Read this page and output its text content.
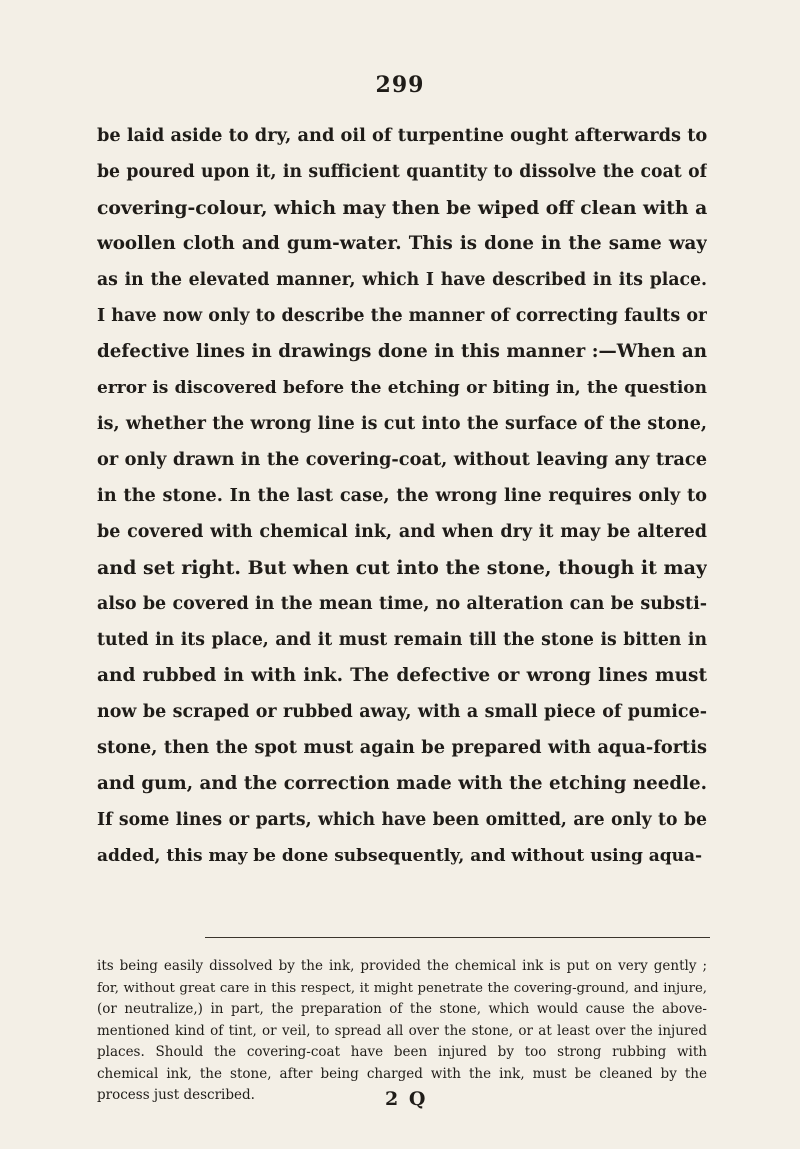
299
be laid aside to dry, and oil of turpentine ought afterwards to
be poured upon it, in sufficient quantity to dissolve the coat of
covering-colour, which may then be wiped off clean with a
woollen cloth and gum-water. This is done in the same way
as in the elevated manner, which I have described in its place.
I have now only to describe the manner of correcting faults or
defective lines in drawings done in this manner :—When an
error is discovered before the etching or biting in, the question
is, whether the wrong line is cut into the surface of the stone,
or only drawn in the covering-coat, without leaving any trace
in the stone. In the last case, the wrong line requires only to
be covered with chemical ink, and when dry it may be altered
and set right. But when cut into the stone, though it may
also be covered in the mean time, no alteration can be substi-
tuted in its place, and it must remain till the stone is bitten in
and rubbed in with ink. The defective or wrong lines must
now be scraped or rubbed away, with a small piece of pumice-
stone, then the spot must again be prepared with aqua-fortis
and gum, and the correction made with the etching needle.
If some lines or parts, which have been omitted, are only to be
added, this may be done subsequently, and without using aqua-
its being easily dissolved by the ink, provided the chemical ink is put on very gently ;
for, without great care in this respect, it might penetrate the covering-ground, and injure,
(or neutralize,) in part, the preparation of the stone, which would cause the above-
mentioned kind of tint, or veil, to spread all over the stone, or at least over the injured
places. Should the covering-coat have been injured by too strong rubbing with
chemical ink, the stone, after being charged with the ink, must be cleaned by the
process just described.	2 Q
